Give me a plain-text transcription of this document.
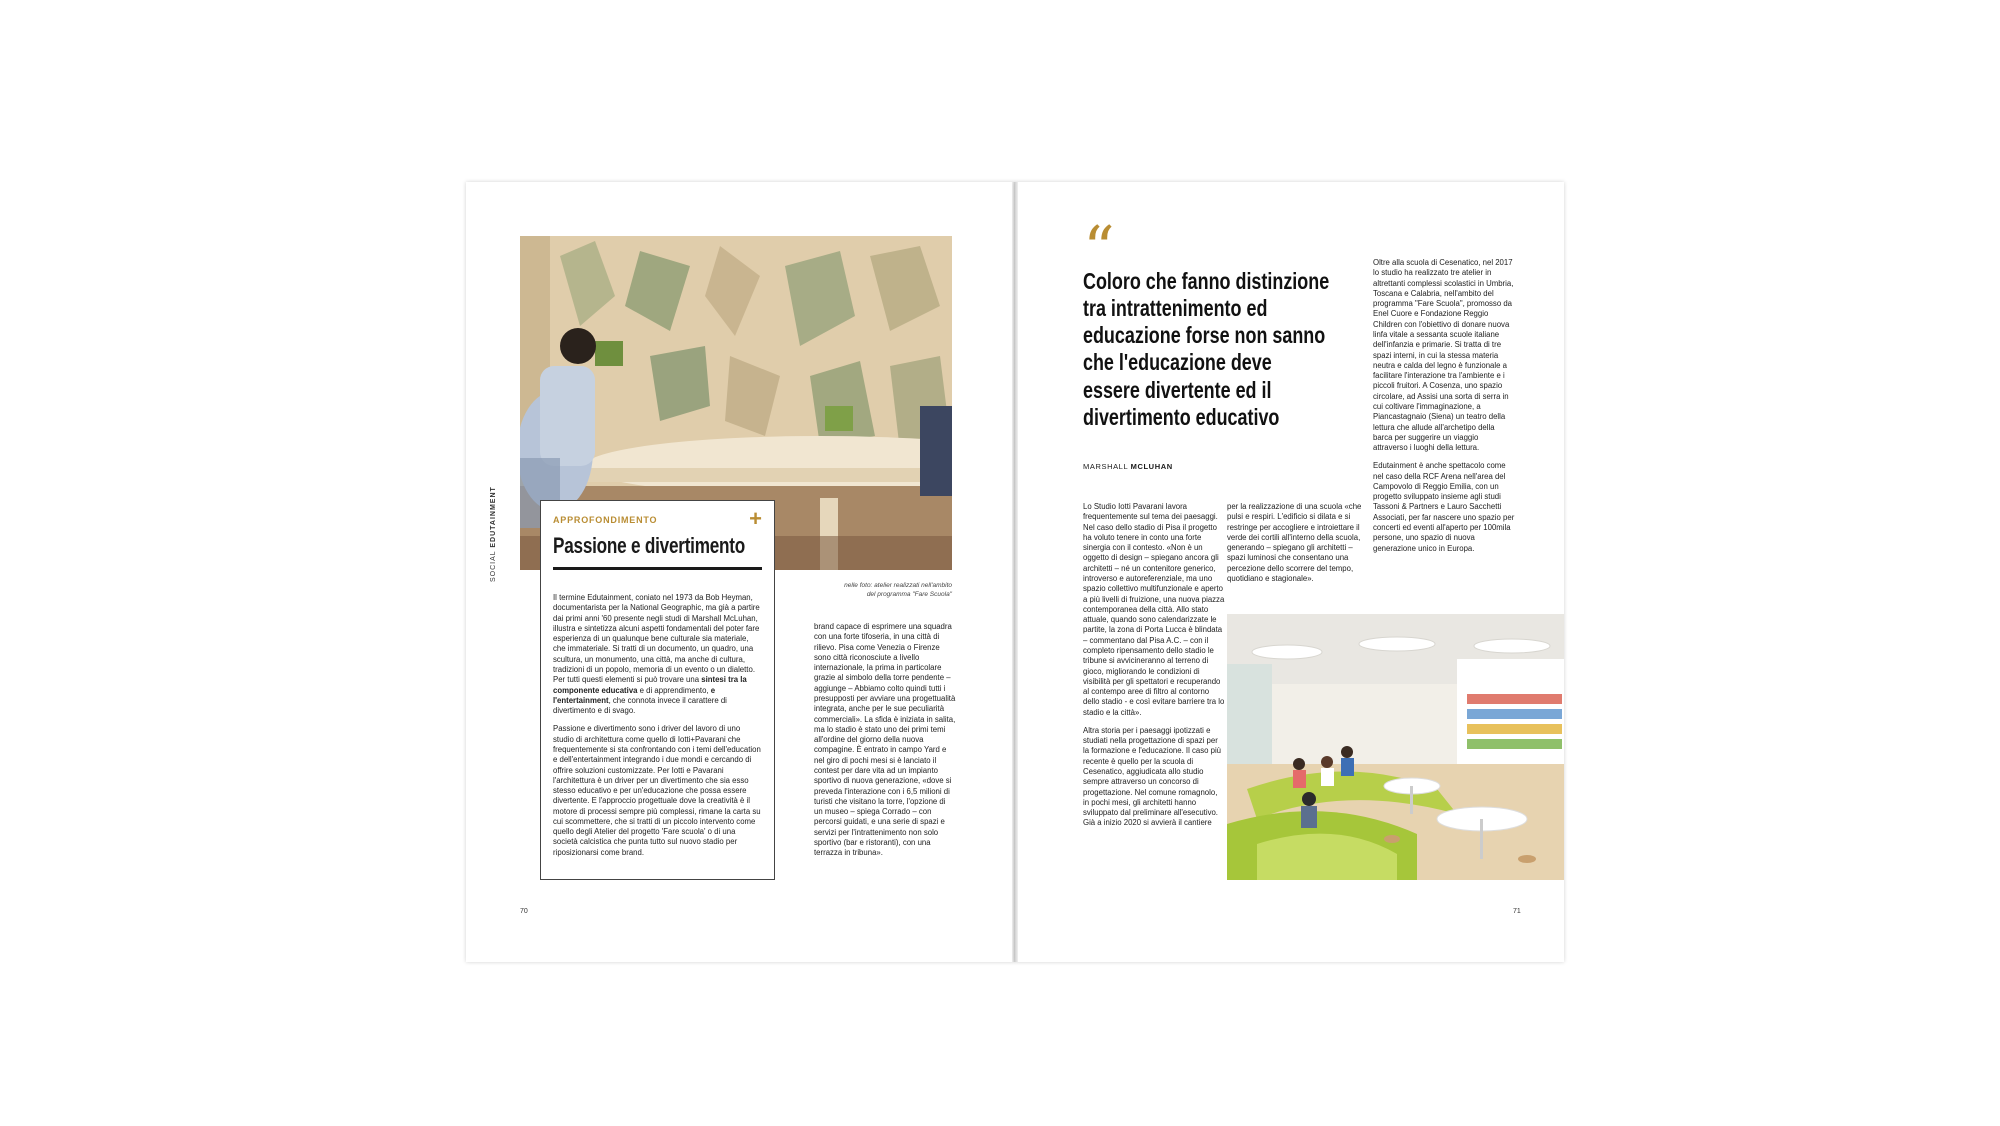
SOCIAL EDUTAINMENT
nelle foto: atelier realizzati nell'ambito
del programma "Fare Scuola"
APPROFONDIMENTO	+
Passione e divertimento

Il termine Edutainment, coniato nel 1973 da Bob Heyman, documentarista per la National Geographic, ma già a partire dai primi anni '60 presente negli studi di Marshall McLuhan, illustra e sintetizza alcuni aspetti fondamentali del poter fare esperienza di un qualunque bene culturale sia materiale, che immateriale. Si tratti di un documento, un quadro, una scultura, un monumento, una città, ma anche di cultura, tradizioni di un popolo, memoria di un evento o un dialetto. Per tutti questi elementi si può trovare una sintesi tra la componente educativa e di apprendimento, e l'entertainment, che connota invece il carattere di divertimento e di svago.

Passione e divertimento sono i driver del lavoro di uno studio di architettura come quello di Iotti+Pavarani che frequentemente si sta confrontando con i temi dell'education e dell'entertainment integrando i due mondi e cercando di offrire soluzioni customizzate. Per Iotti e Pavarani l'architettura è un driver per un divertimento che sia esso stesso educativo e per un'educazione che possa essere divertente. E l'approccio progettuale dove la creatività è il motore di processi sempre più complessi, rimane la carta su cui scommettere, che si tratti di un piccolo intervento come quello degli Atelier del progetto 'Fare scuola' o di una società calcistica che punta tutto sul nuovo stadio per riposizionarsi come brand.

brand capace di esprimere una squadra con una forte tifoseria, in una città di rilievo. Pisa come Venezia o Firenze sono città riconosciute a livello internazionale, la prima in particolare grazie al simbolo della torre pendente – aggiunge – Abbiamo colto quindi tutti i presupposti per avviare una progettualità integrata, anche per le sue peculiarità commerciali». La sfida è iniziata in salita, ma lo stadio è stato uno dei primi temi all'ordine del giorno della nuova compagine. È entrato in campo Yard e nel giro di pochi mesi si è lanciato il contest per dare vita ad un impianto sportivo di nuova generazione, «dove si preveda l'interazione con i 6,5 milioni di turisti che visitano la torre, l'opzione di un museo – spiega Corrado – con percorsi guidati, e una serie di spazi e servizi per l'intrattenimento non solo sportivo (bar e ristoranti), con una terrazza in tribuna».

70
“
Coloro che fanno distinzione tra intrattenimento ed educazione forse non sanno che l'educazione deve essere divertente ed il divertimento educativo
MARSHALL MCLUHAN

Lo Studio Iotti Pavarani lavora frequentemente sul tema dei paesaggi. Nel caso dello stadio di Pisa il progetto ha voluto tenere in conto una forte sinergia con il contesto. «Non è un oggetto di design – spiegano ancora gli architetti – né un contenitore generico, introverso e autoreferenziale, ma uno spazio collettivo multifunzionale e aperto a più livelli di fruizione, una nuova piazza contemporanea della città. Allo stato attuale, quando sono calendarizzate le partite, la zona di Porta Lucca è blindata – commentano dal Pisa A.C. – con il completo ripensamento dello stadio le tribune si avvicineranno al terreno di gioco, migliorando le condizioni di visibilità per gli spettatori e recuperando al contempo aree di filtro al contorno dello stadio - e così evitare barriere tra lo stadio e la città».

Altra storia per i paesaggi ipotizzati e studiati nella progettazione di spazi per la formazione e l'educazione. Il caso più recente è quello per la scuola di Cesenatico, aggiudicata allo studio sempre attraverso un concorso di progettazione. Nel comune romagnolo, in pochi mesi, gli architetti hanno sviluppato dal preliminare all'esecutivo. Già a inizio 2020 si avvierà il cantiere

per la realizzazione di una scuola «che pulsi e respiri. L'edificio si dilata e si restringe per accogliere e introiettare il verde dei cortili all'interno della scuola, generando – spiegano gli architetti – spazi luminosi che consentano una percezione dello scorrere del tempo, quotidiano e stagionale».

Oltre alla scuola di Cesenatico, nel 2017 lo studio ha realizzato tre atelier in altrettanti complessi scolastici in Umbria, Toscana e Calabria, nell'ambito del programma "Fare Scuola", promosso da Enel Cuore e Fondazione Reggio Children con l'obiettivo di donare nuova linfa vitale a sessanta scuole italiane dell'infanzia e primarie. Si tratta di tre spazi interni, in cui la stessa materia neutra e calda del legno è funzionale a facilitare l'interazione tra l'ambiente e i piccoli fruitori. A Cosenza, uno spazio circolare, ad Assisi una sorta di serra in cui coltivare l'immaginazione, a Piancastagnaio (Siena) un teatro della lettura che allude all'archetipo della barca per suggerire un viaggio attraverso i luoghi della lettura.

Edutainment è anche spettacolo come nel caso della RCF Arena nell'area del Campovolo di Reggio Emilia, con un progetto sviluppato insieme agli studi Tassoni & Partners e Lauro Sacchetti Associati, per far nascere uno spazio per concerti ed eventi all'aperto per 100mila persone, uno spazio di nuova generazione unico in Europa.

71
